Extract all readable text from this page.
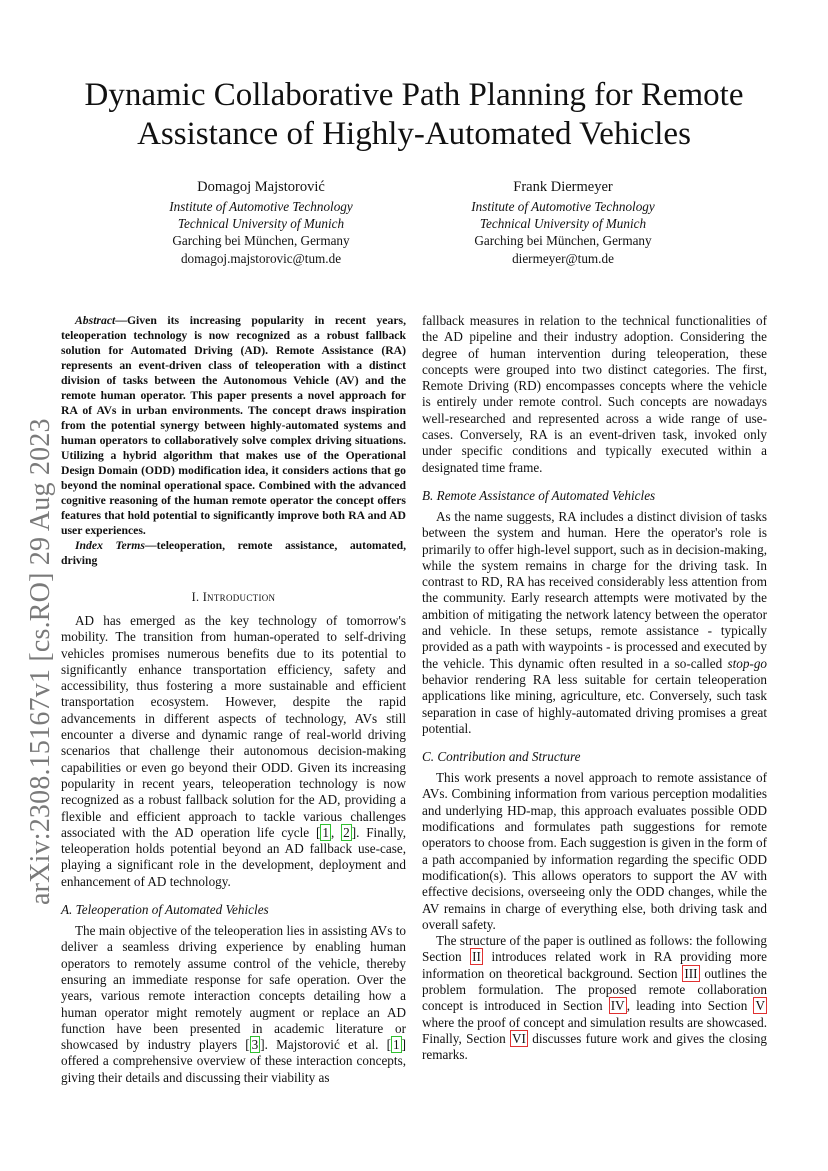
arXiv:2308.15167v1 [cs.RO] 29 Aug 2023
Dynamic Collaborative Path Planning for Remote Assistance of Highly-Automated Vehicles
Domagoj Majstorović
Institute of Automotive Technology
Technical University of Munich
Garching bei München, Germany
domagoj.majstorovic@tum.de
Frank Diermeyer
Institute of Automotive Technology
Technical University of Munich
Garching bei München, Germany
diermeyer@tum.de

Abstract—Given its increasing popularity in recent years, teleoperation technology is now recognized as a robust fallback solution for Automated Driving (AD). Remote Assistance (RA) represents an event-driven class of teleoperation with a distinct division of tasks between the Autonomous Vehicle (AV) and the remote human operator. This paper presents a novel approach for RA of AVs in urban environments. The concept draws inspiration from the potential synergy between highly-automated systems and human operators to collaboratively solve complex driving situations. Utilizing a hybrid algorithm that makes use of the Operational Design Domain (ODD) modification idea, it considers actions that go beyond the nominal operational space. Combined with the advanced cognitive reasoning of the human remote operator the concept offers features that hold potential to significantly improve both RA and AD user experiences.

Index Terms—teleoperation, remote assistance, automated, driving

I. Introduction

AD has emerged as the key technology of tomorrow's mobility. The transition from human-operated to self-driving vehicles promises numerous benefits due to its potential to significantly enhance transportation efficiency, safety and accessibility, thus fostering a more sustainable and efficient transportation ecosystem. However, despite the rapid advancements in different aspects of technology, AVs still encounter a diverse and dynamic range of real-world driving scenarios that challenge their autonomous decision-making capabilities or even go beyond their ODD. Given its increasing popularity in recent years, teleoperation technology is now recognized as a robust fallback solution for the AD, providing a flexible and efficient approach to tackle various challenges associated with the AD operation life cycle [ 1 , 2 ]. Finally, teleoperation holds potential beyond an AD fallback use-case, playing a significant role in the development, deployment and enhancement of AD technology.

A. Teleoperation of Automated Vehicles

The main objective of the teleoperation lies in assisting AVs to deliver a seamless driving experience by enabling human operators to remotely assume control of the vehicle, thereby ensuring an immediate response for safe operation. Over the years, various remote interaction concepts detailing how a human operator might remotely augment or replace an AD function have been presented in academic literature or showcased by industry players [ 3 ]. Majstorović et al. [ 1 ] offered a comprehensive overview of these interaction concepts, giving their details and discussing their viability as

fallback measures in relation to the technical functionalities of the AD pipeline and their industry adoption. Considering the degree of human intervention during teleoperation, these concepts were grouped into two distinct categories. The first, Remote Driving (RD) encompasses concepts where the vehicle is entirely under remote control. Such concepts are nowadays well-researched and represented across a wide range of use-cases. Conversely, RA is an event-driven task, invoked only under specific conditions and typically executed within a designated time frame.

B. Remote Assistance of Automated Vehicles

As the name suggests, RA includes a distinct division of tasks between the system and human. Here the operator's role is primarily to offer high-level support, such as in decision-making, while the system remains in charge for the driving task. In contrast to RD, RA has received considerably less attention from the community. Early research attempts were motivated by the ambition of mitigating the network latency between the operator and vehicle. In these setups, remote assistance - typically provided as a path with waypoints - is processed and executed by the vehicle. This dynamic often resulted in a so-called stop-go behavior rendering RA less suitable for certain teleoperation applications like mining, agriculture, etc. Conversely, such task separation in case of highly-automated driving promises a great potential.

C. Contribution and Structure

This work presents a novel approach to remote assistance of AVs. Combining information from various perception modalities and underlying HD-map, this approach evaluates possible ODD modifications and formulates path suggestions for remote operators to choose from. Each suggestion is given in the form of a path accompanied by information regarding the specific ODD modification(s). This allows operators to support the AV with effective decisions, overseeing only the ODD changes, while the AV remains in charge of everything else, both driving task and overall safety.

The structure of the paper is outlined as follows: the following Section II introduces related work in RA providing more information on theoretical background. Section III outlines the problem formulation. The proposed remote collaboration concept is introduced in Section IV , leading into Section V where the proof of concept and simulation results are showcased. Finally, Section VI discusses future work and gives the closing remarks.
